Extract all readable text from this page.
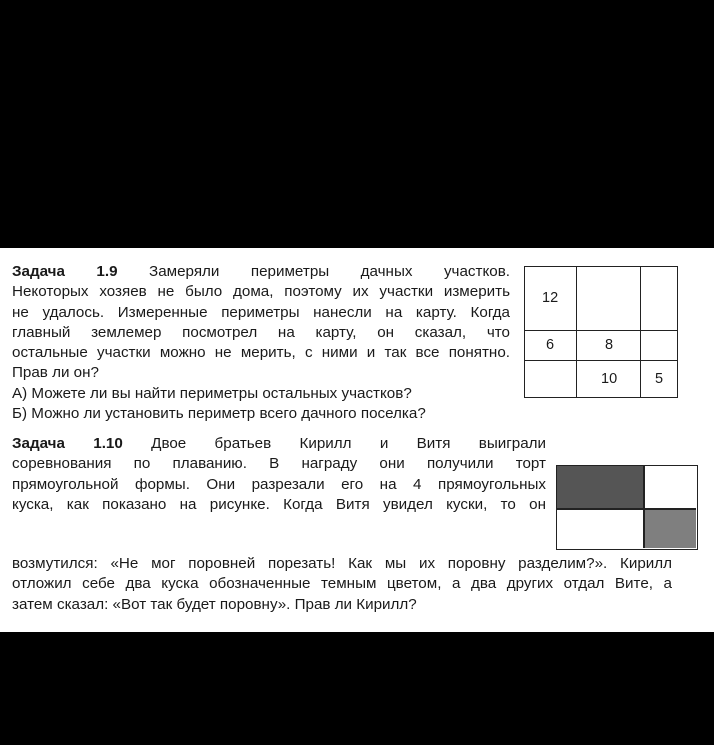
Задача 1.9 Замеряли периметры дачных участков.

Некоторых хозяев не было дома, поэтому их участки измерить

не удалось. Измеренные периметры нанесли на карту. Когда

главный землемер посмотрел на карту, он сказал, что

остальные участки можно не мерить, с ними и так все понятно.

Прав ли он?

А) Можете ли вы найти периметры остальных участков?

Б) Можно ли установить периметр всего дачного поселка?

12
6	8
10	5

Задача 1.10 Двое братьев Кирилл и Витя выиграли

соревнования по плаванию. В награду они получили торт

прямоугольной формы. Они разрезали его на 4 прямоугольных

куска, как показано на рисунке. Когда Витя увидел куски, то он

возмутился: «Не мог поровней порезать! Как мы их поровну разделим?». Кирилл

отложил себе два куска обозначенные темным цветом, а два других отдал Вите, а

затем сказал: «Вот так будет поровну». Прав ли Кирилл?
